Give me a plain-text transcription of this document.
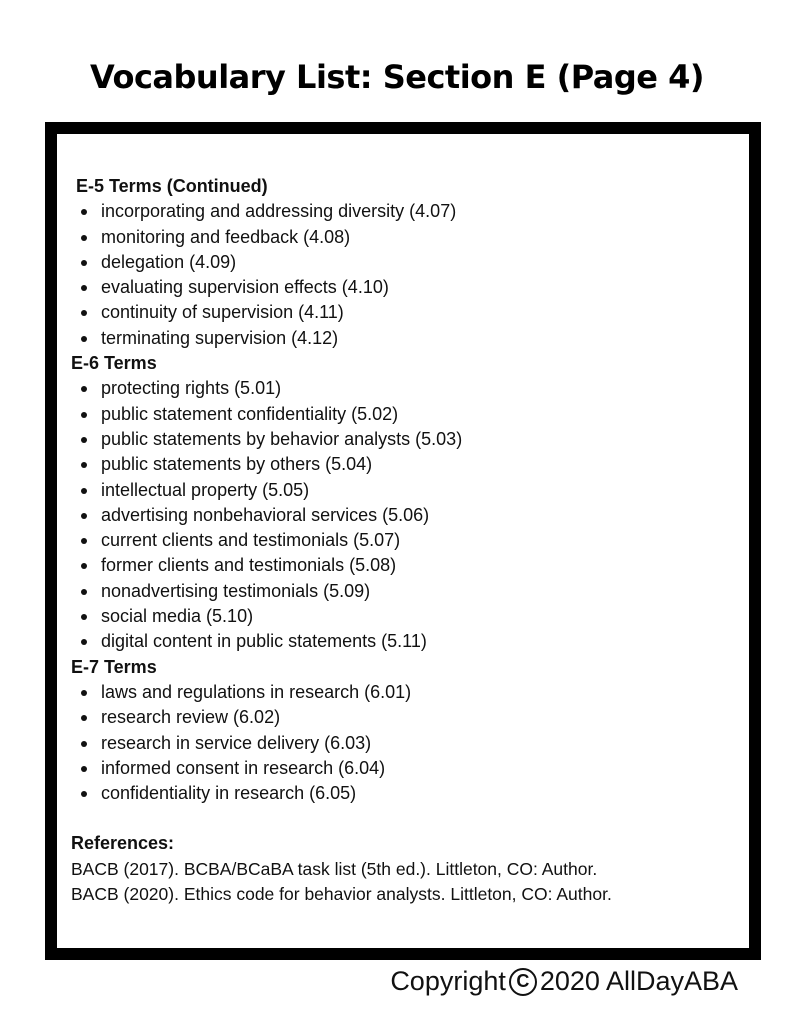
Vocabulary List: Section E (Page 4)
E-5 Terms (Continued)
incorporating and addressing diversity (4.07)
monitoring and feedback (4.08)
delegation (4.09)
evaluating supervision effects (4.10)
continuity of supervision (4.11)
terminating supervision (4.12)
E-6 Terms
protecting rights (5.01)
public statement confidentiality (5.02)
public statements by behavior analysts (5.03)
public statements by others (5.04)
intellectual property (5.05)
advertising nonbehavioral services (5.06)
current clients and testimonials (5.07)
former clients and testimonials (5.08)
nonadvertising testimonials (5.09)
social media (5.10)
digital content in public statements (5.11)
E-7 Terms
laws and regulations in research (6.01)
research review (6.02)
research in service delivery (6.03)
informed consent in research (6.04)
confidentiality in research (6.05)
References:
BACB (2017). BCBA/BCaBA task list (5th ed.). Littleton, CO: Author.
BACB (2020). Ethics code for behavior analysts. Littleton, CO: Author.
Copyright C 2020 AllDayABA
